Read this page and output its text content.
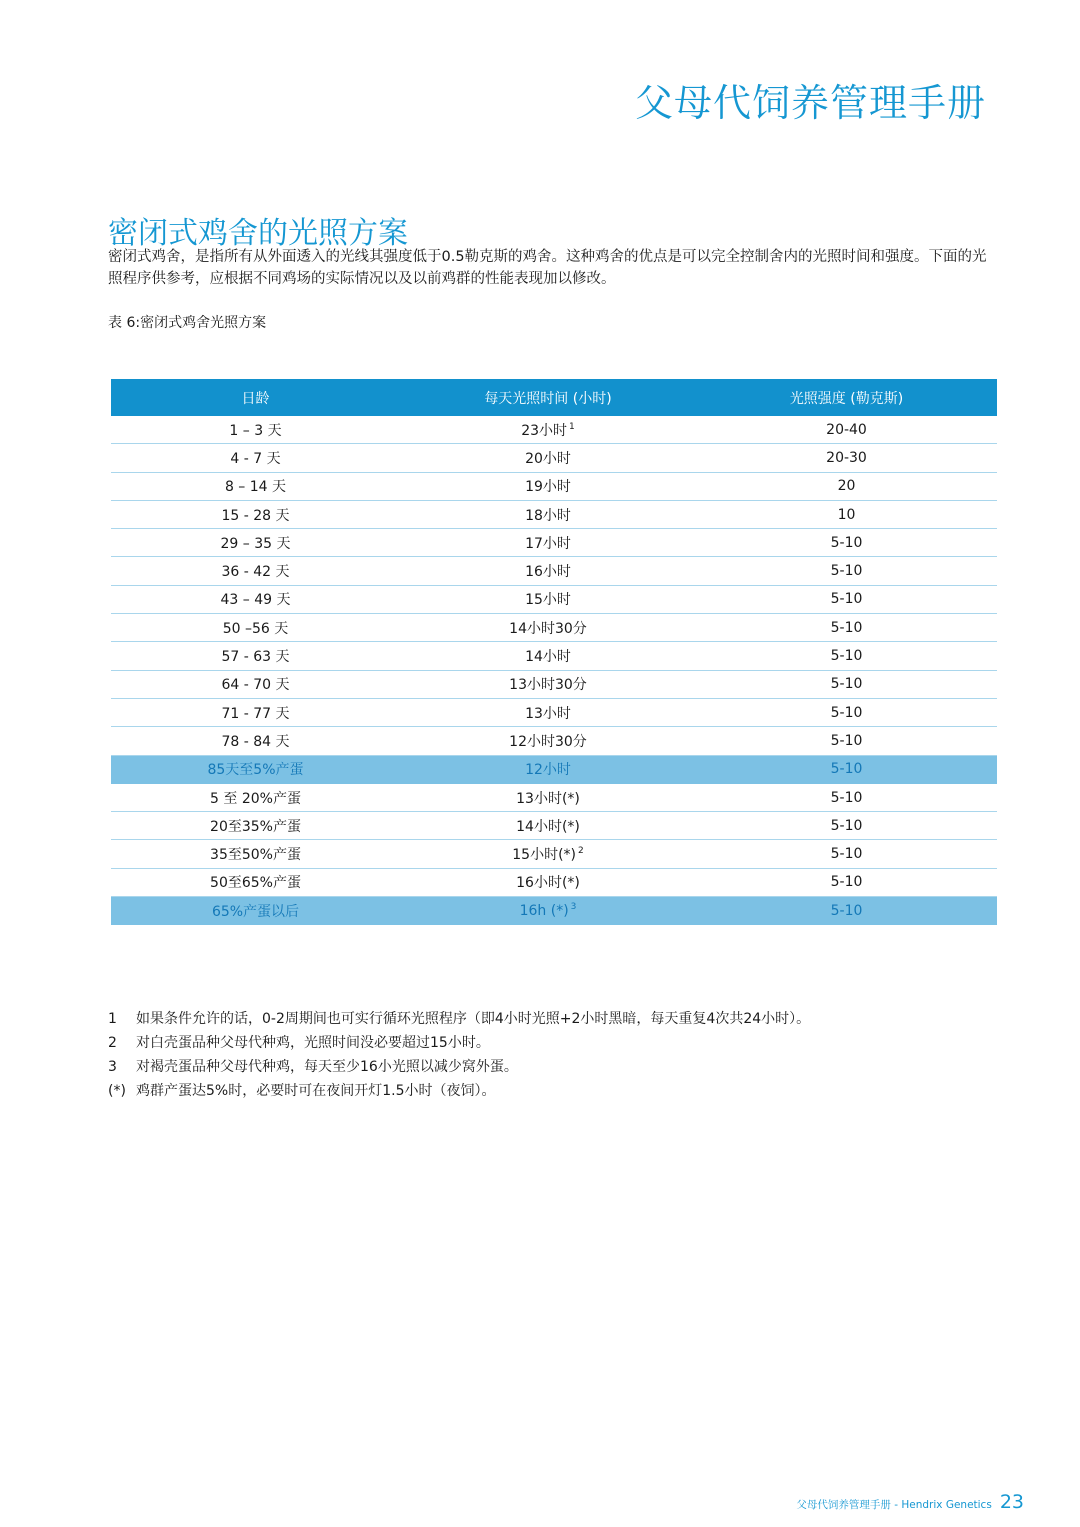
父母代饲养管理手册
密闭式鸡舍的光照方案
密闭式鸡舍，是指所有从外面透入的光线其强度低于0.5勒克斯的鸡舍。这种鸡舍的优点是可以完全控制舍内的光照时间和强度。下面的光照程序供参考，应根据不同鸡场的实际情况以及以前鸡群的性能表现加以修改。
表 6:密闭式鸡舍光照方案
日龄	每天光照时间 (小时)	光照强度 (勒克斯)
1 – 3 天	23小时 $^1$	20-40
4 - 7 天	20小时	20-30
8 – 14 天	19小时	20
15 - 28 天	18小时	10
29 – 35 天	17小时	5-10
36 - 42 天	16小时	5-10
43 – 49 天	15小时	5-10
50 –56 天	14小时30分	5-10
57 - 63 天	14小时	5-10
64 - 70 天	13小时30分	5-10
71 - 77 天	13小时	5-10
78 - 84 天	12小时30分	5-10
85天至5%产蛋	12小时	5-10
5 至 20%产蛋	13小时(*)	5-10
20至35%产蛋	14小时(*)	5-10
35至50%产蛋	15小时(*) $^2$	5-10
50至65%产蛋	16小时(*)	5-10
65%产蛋以后	16h (*) $^3$	5-10
1	如果条件允许的话，0-2周期间也可实行循环光照程序（即4小时光照+2小时黑暗，每天重复4次共24小时）。
2	对白壳蛋品种父母代种鸡，光照时间没必要超过15小时。
3	对褐壳蛋品种父母代种鸡，每天至少16小光照以减少窝外蛋。
(*) 鸡群产蛋达5%时，必要时可在夜间开灯1.5小时（夜饲）。
父母代饲养管理手册 - Hendrix Genetics 23
